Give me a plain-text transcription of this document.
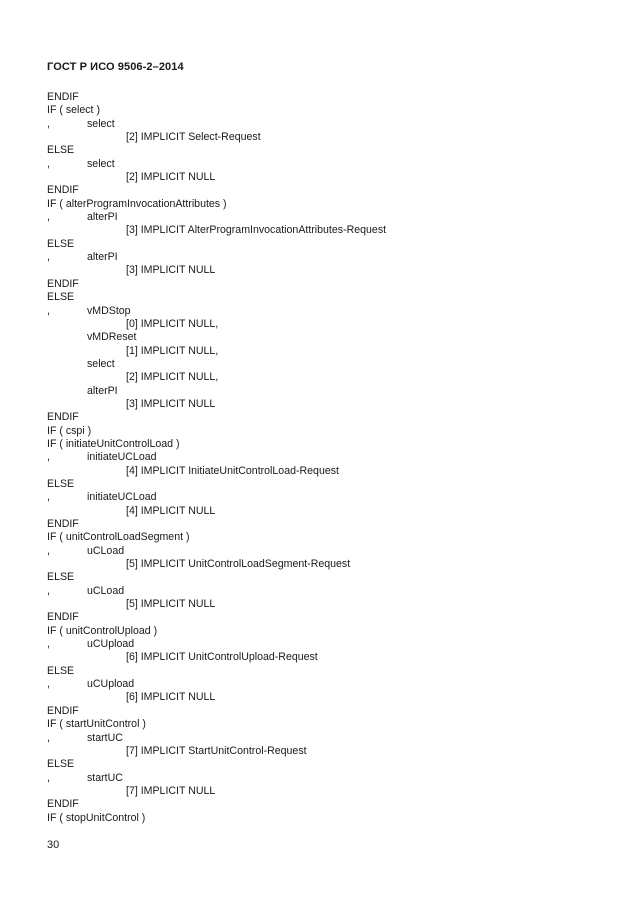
ГОСТ Р ИСО 9506-2–2014
ENDIF
IF ( select )
,	select
[2] IMPLICIT Select-Request
ELSE
,	select
[2] IMPLICIT NULL
ENDIF
IF ( alterProgramInvocationAttributes )
,	alterPI
[3] IMPLICIT AlterProgramInvocationAttributes-Request
ELSE
,	alterPI
[3] IMPLICIT NULL
ENDIF
ELSE
,	vMDStop
[0] IMPLICIT NULL,
vMDReset
[1] IMPLICIT NULL,
select
[2] IMPLICIT NULL,
alterPI
[3] IMPLICIT NULL
ENDIF
IF ( cspi )
IF ( initiateUnitControlLoad )
,	initiateUCLoad
[4] IMPLICIT InitiateUnitControlLoad-Request
ELSE
,	initiateUCLoad
[4] IMPLICIT NULL
ENDIF
IF ( unitControlLoadSegment )
,	uCLoad
[5] IMPLICIT UnitControlLoadSegment-Request
ELSE
,	uCLoad
[5] IMPLICIT NULL
ENDIF
IF ( unitControlUpload )
,	uCUpload
[6] IMPLICIT UnitControlUpload-Request
ELSE
,	uCUpload
[6] IMPLICIT NULL
ENDIF
IF ( startUnitControl )
,	startUC
[7] IMPLICIT StartUnitControl-Request
ELSE
,	startUC
[7] IMPLICIT NULL
ENDIF
IF ( stopUnitControl )
30
